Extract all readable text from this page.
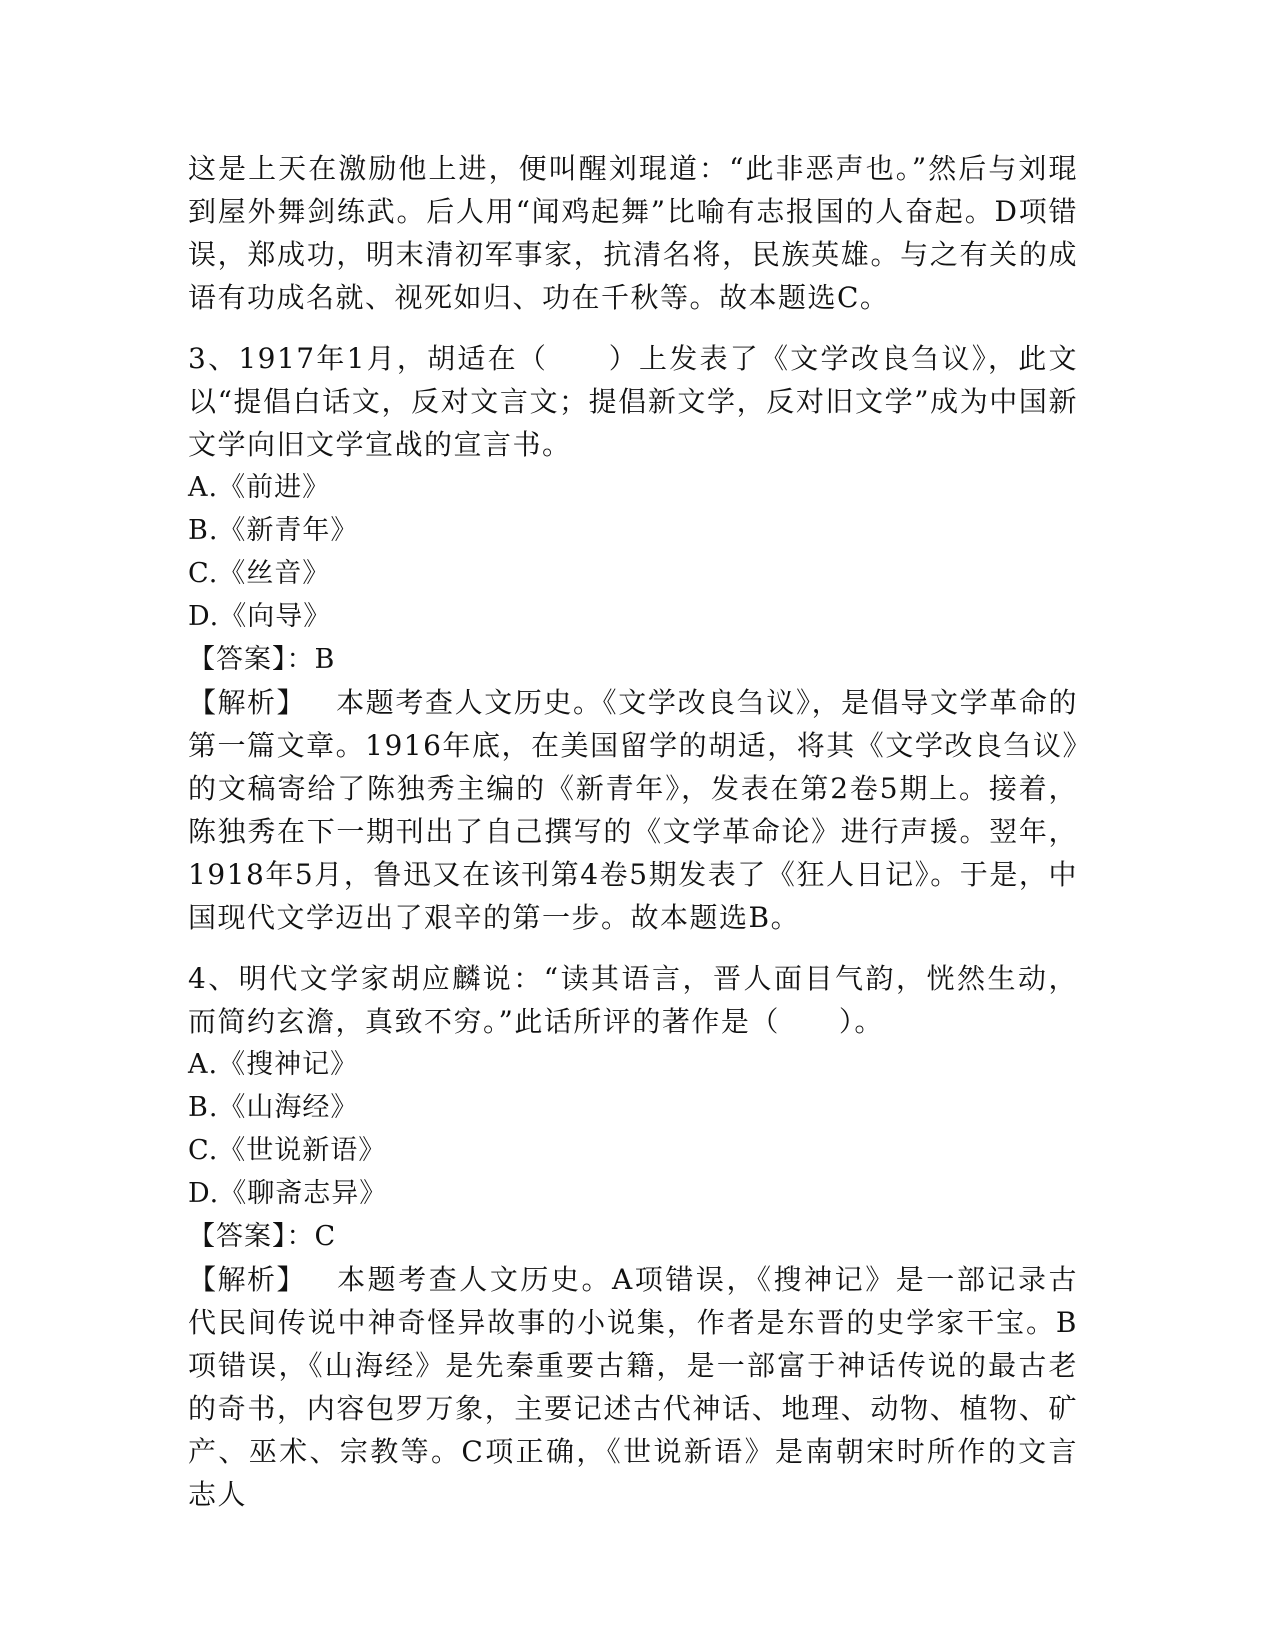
这是上天在激励他上进，便叫醒刘琨道：“此非恶声也。”然后与刘琨到屋外舞剑练武。后人用“闻鸡起舞”比喻有志报国的人奋起。D项错误，郑成功，明末清初军事家，抗清名将，民族英雄。与之有关的成语有功成名就、视死如归、功在千秋等。故本题选C。

3、1917年1月，胡适在（　　）上发表了《文学改良刍议》，此文以“提倡白话文，反对文言文；提倡新文学，反对旧文学”成为中国新文学向旧文学宣战的宣言书。

A.《前进》

B.《新青年》

C.《丝音》

D.《向导》

【答案】：B

【解析】 本题考查人文历史。《文学改良刍议》，是倡导文学革命的第一篇文章。1916年底，在美国留学的胡适，将其《文学改良刍议》的文稿寄给了陈独秀主编的《新青年》，发表在第2卷5期上。接着，陈独秀在下一期刊出了自己撰写的《文学革命论》进行声援。翌年，1918年5月，鲁迅又在该刊第4卷5期发表了《狂人日记》。于是，中国现代文学迈出了艰辛的第一步。故本题选B。

4、明代文学家胡应麟说：“读其语言，晋人面目气韵，恍然生动，而简约玄澹，真致不穷。”此话所评的著作是（　　）。

A.《搜神记》

B.《山海经》

C.《世说新语》

D.《聊斋志异》

【答案】：C

【解析】 本题考查人文历史。A项错误，《搜神记》是一部记录古代民间传说中神奇怪异故事的小说集，作者是东晋的史学家干宝。B项错误，《山海经》是先秦重要古籍，是一部富于神话传说的最古老的奇书，内容包罗万象，主要记述古代神话、地理、动物、植物、矿产、巫术、宗教等。C项正确，《世说新语》是南朝宋时所作的文言志人
